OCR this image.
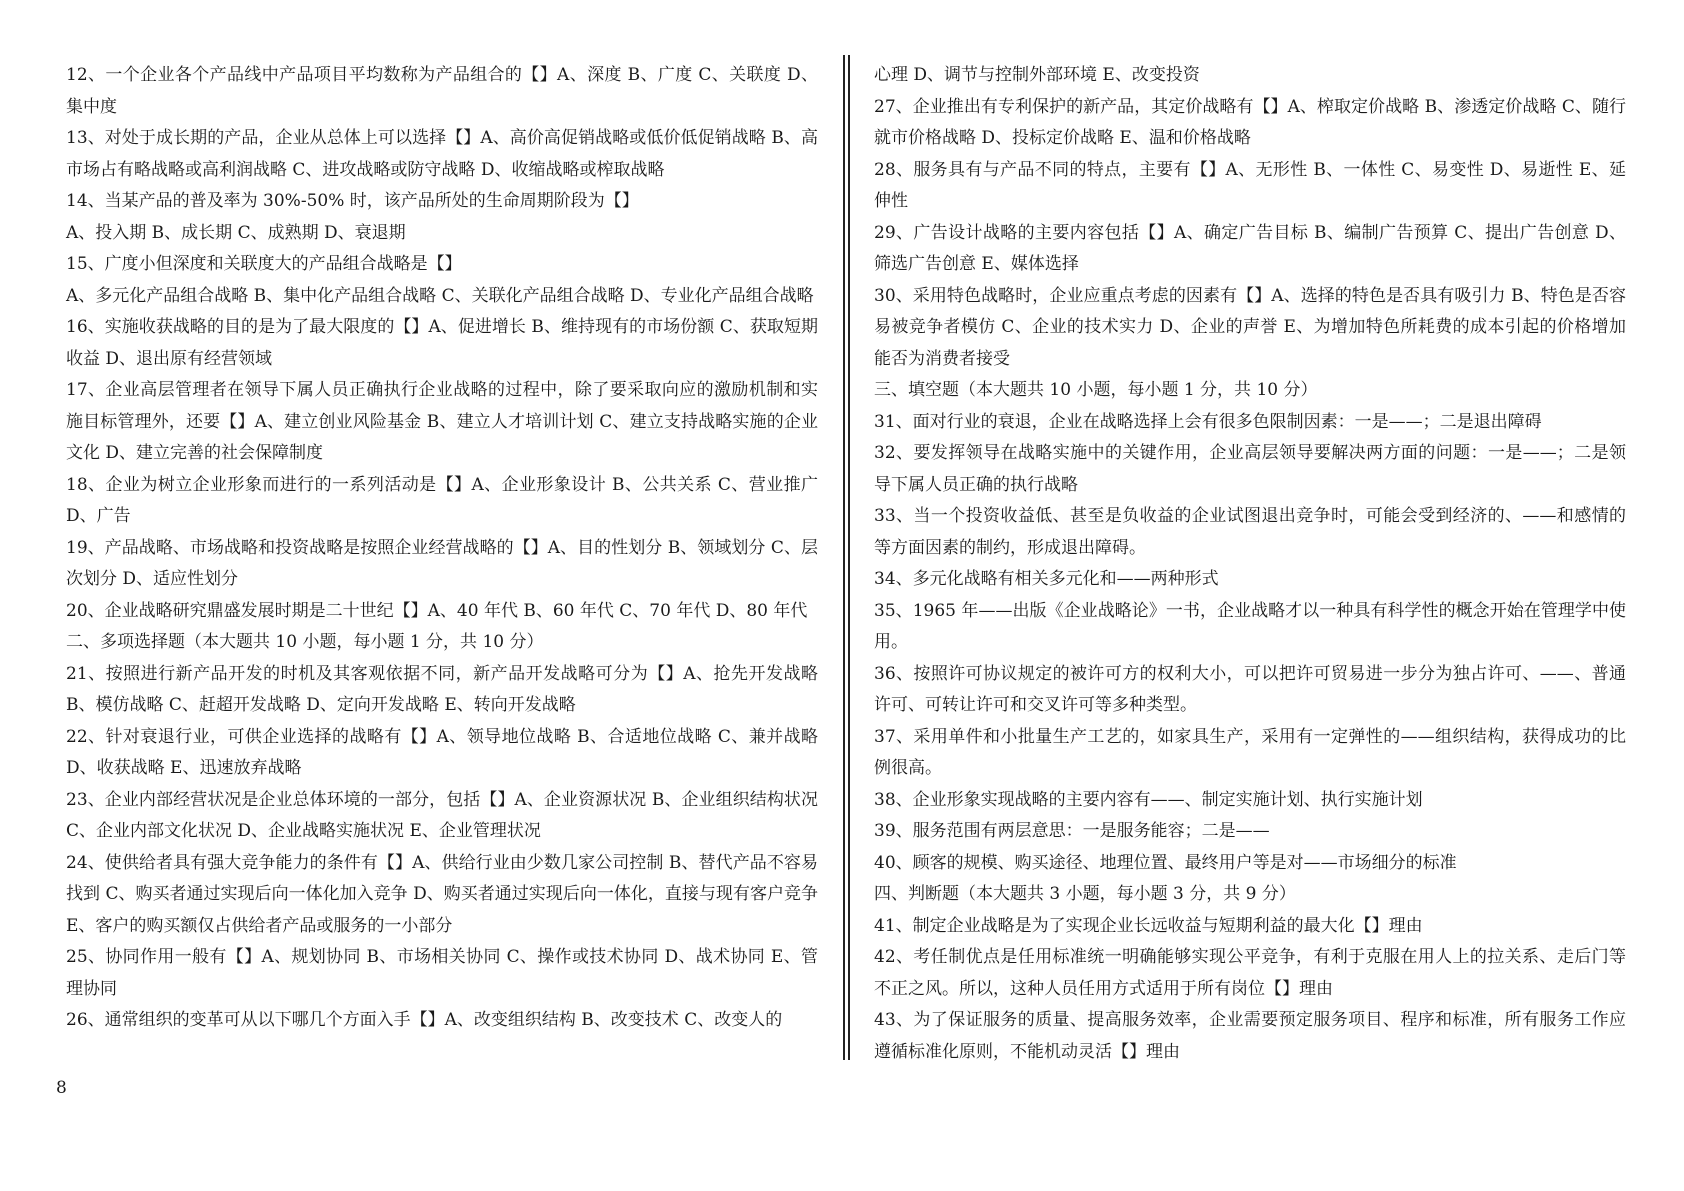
12、一个企业各个产品线中产品项目平均数称为产品组合的【】A、深度 B、广度 C、关联度 D、集中度

13、对处于成长期的产品，企业从总体上可以选择【】A、高价高促销战略或低价低促销战略 B、高市场占有略战略或高利润战略 C、进攻战略或防守战略 D、收缩战略或榨取战略

14、当某产品的普及率为 30%-50% 时，该产品所处的生命周期阶段为【】

A、投入期 B、成长期 C、成熟期 D、衰退期

15、广度小但深度和关联度大的产品组合战略是【】

A、多元化产品组合战略 B、集中化产品组合战略 C、关联化产品组合战略 D、专业化产品组合战略

16、实施收获战略的目的是为了最大限度的【】A、促进增长 B、维持现有的市场份额 C、获取短期收益 D、退出原有经营领域

17、企业高层管理者在领导下属人员正确执行企业战略的过程中，除了要采取向应的激励机制和实施目标管理外，还要【】A、建立创业风险基金 B、建立人才培训计划 C、建立支持战略实施的企业文化 D、建立完善的社会保障制度

18、企业为树立企业形象而进行的一系列活动是【】A、企业形象设计 B、公共关系 C、营业推广 D、广告

19、产品战略、市场战略和投资战略是按照企业经营战略的【】A、目的性划分 B、领域划分 C、层次划分 D、适应性划分

20、企业战略研究鼎盛发展时期是二十世纪【】A、40 年代 B、60 年代 C、70 年代 D、80 年代

二、多项选择题（本大题共 10 小题，每小题 1 分，共 10 分）

21、按照进行新产品开发的时机及其客观依据不同，新产品开发战略可分为【】A、抢先开发战略 B、模仿战略 C、赶超开发战略 D、定向开发战略 E、转向开发战略

22、针对衰退行业，可供企业选择的战略有【】A、领导地位战略 B、合适地位战略 C、兼并战略 D、收获战略 E、迅速放弃战略

23、企业内部经营状况是企业总体环境的一部分，包括【】A、企业资源状况 B、企业组织结构状况 C、企业内部文化状况 D、企业战略实施状况 E、企业管理状况

24、使供给者具有强大竞争能力的条件有【】A、供给行业由少数几家公司控制 B、替代产品不容易找到 C、购买者通过实现后向一体化加入竞争 D、购买者通过实现后向一体化，直接与现有客户竞争 E、客户的购买额仅占供给者产品或服务的一小部分

25、协同作用一般有【】A、规划协同 B、市场相关协同 C、操作或技术协同 D、战术协同 E、管理协同

26、通常组织的变革可从以下哪几个方面入手【】A、改变组织结构 B、改变技术 C、改变人的

心理 D、调节与控制外部环境 E、改变投资

27、企业推出有专利保护的新产品，其定价战略有【】A、榨取定价战略 B、渗透定价战略 C、随行就市价格战略 D、投标定价战略 E、温和价格战略

28、服务具有与产品不同的特点，主要有【】A、无形性 B、一体性 C、易变性 D、易逝性 E、延伸性

29、广告设计战略的主要内容包括【】A、确定广告目标 B、编制广告预算 C、提出广告创意 D、筛选广告创意 E、媒体选择

30、采用特色战略时，企业应重点考虑的因素有【】A、选择的特色是否具有吸引力 B、特色是否容易被竞争者模仿 C、企业的技术实力 D、企业的声誉 E、为增加特色所耗费的成本引起的价格增加能否为消费者接受

三、填空题（本大题共 10 小题，每小题 1 分，共 10 分）

31、面对行业的衰退，企业在战略选择上会有很多色限制因素：一是——；二是退出障碍

32、要发挥领导在战略实施中的关键作用，企业高层领导要解决两方面的问题：一是——；二是领导下属人员正确的执行战略

33、当一个投资收益低、甚至是负收益的企业试图退出竞争时，可能会受到经济的、——和感情的等方面因素的制约，形成退出障碍。

34、多元化战略有相关多元化和——两种形式

35、1965 年——出版《企业战略论》一书，企业战略才以一种具有科学性的概念开始在管理学中使用。

36、按照许可协议规定的被许可方的权利大小，可以把许可贸易进一步分为独占许可、——、普通许可、可转让许可和交叉许可等多种类型。

37、采用单件和小批量生产工艺的，如家具生产，采用有一定弹性的——组织结构，获得成功的比例很高。

38、企业形象实现战略的主要内容有——、制定实施计划、执行实施计划

39、服务范围有两层意思：一是服务能容；二是——

40、顾客的规模、购买途径、地理位置、最终用户等是对——市场细分的标准

四、判断题（本大题共 3 小题，每小题 3 分，共 9 分）

41、制定企业战略是为了实现企业长远收益与短期利益的最大化【】理由

42、考任制优点是任用标准统一明确能够实现公平竞争，有利于克服在用人上的拉关系、走后门等不正之风。所以，这种人员任用方式适用于所有岗位【】理由

43、为了保证服务的质量、提高服务效率，企业需要预定服务项目、程序和标准，所有服务工作应遵循标准化原则，不能机动灵活【】理由

8
